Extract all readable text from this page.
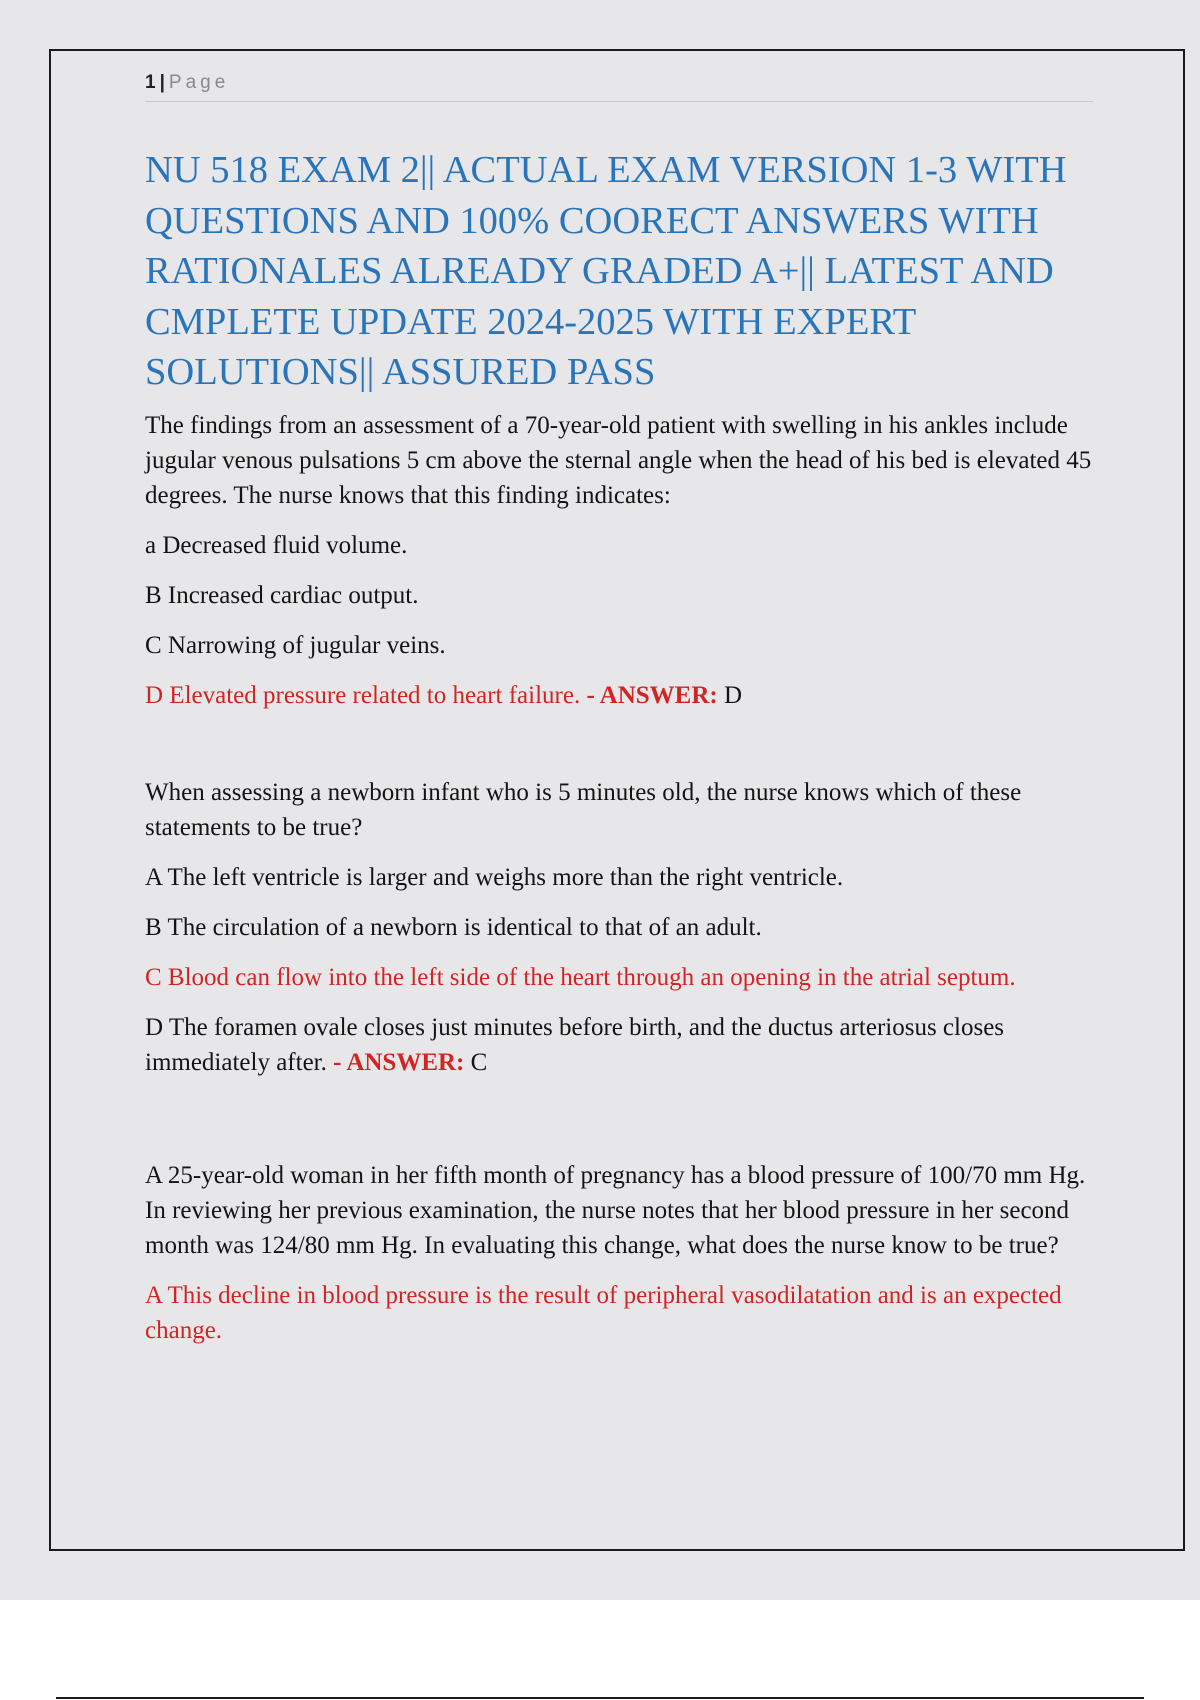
1 | Page
NU 518 EXAM 2|| ACTUAL EXAM VERSION 1-3 WITH QUESTIONS AND 100% COORECT ANSWERS WITH RATIONALES ALREADY GRADED A+|| LATEST AND CMPLETE UPDATE 2024-2025 WITH EXPERT SOLUTIONS|| ASSURED PASS

The findings from an assessment of a 70-year-old patient with swelling in his ankles include jugular venous pulsations 5 cm above the sternal angle when the head of his bed is elevated 45 degrees. The nurse knows that this finding indicates:

a Decreased fluid volume.

B Increased cardiac output.

C Narrowing of jugular veins.

D Elevated pressure related to heart failure. - ANSWER: D

When assessing a newborn infant who is 5 minutes old, the nurse knows which of these statements to be true?

A The left ventricle is larger and weighs more than the right ventricle.

B The circulation of a newborn is identical to that of an adult.

C Blood can flow into the left side of the heart through an opening in the atrial septum.

D The foramen ovale closes just minutes before birth, and the ductus arteriosus closes immediately after. - ANSWER: C

A 25-year-old woman in her fifth month of pregnancy has a blood pressure of 100/70 mm Hg. In reviewing her previous examination, the nurse notes that her blood pressure in her second month was 124/80 mm Hg. In evaluating this change, what does the nurse know to be true?

A This decline in blood pressure is the result of peripheral vasodilatation and is an expected change.
